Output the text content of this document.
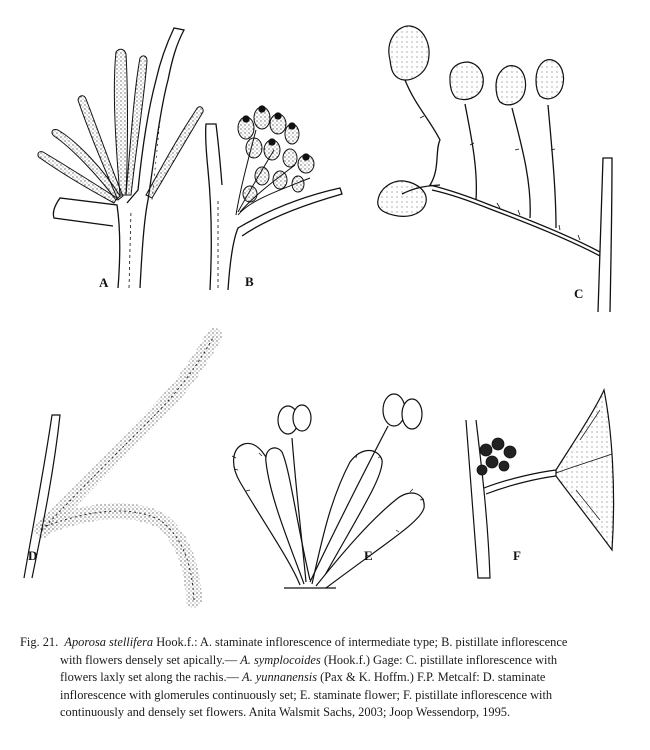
A	B
C
D	E	F
Fig. 21. Aporosa stellifera Hook.f.: A. staminate inflorescence of intermediate type; B. pistillate inflorescence
with flowers densely set apically.— A. symplocoides (Hook.f.) Gage: C. pistillate inflorescence with
flowers laxly set along the rachis.— A. yunnanensis (Pax & K. Hoffm.) F.P. Metcalf: D. staminate
inflorescence with glomerules continuously set; E. staminate flower; F. pistillate inflorescence with
continuously and densely set flowers. Anita Walsmit Sachs, 2003; Joop Wessendorp, 1995.
